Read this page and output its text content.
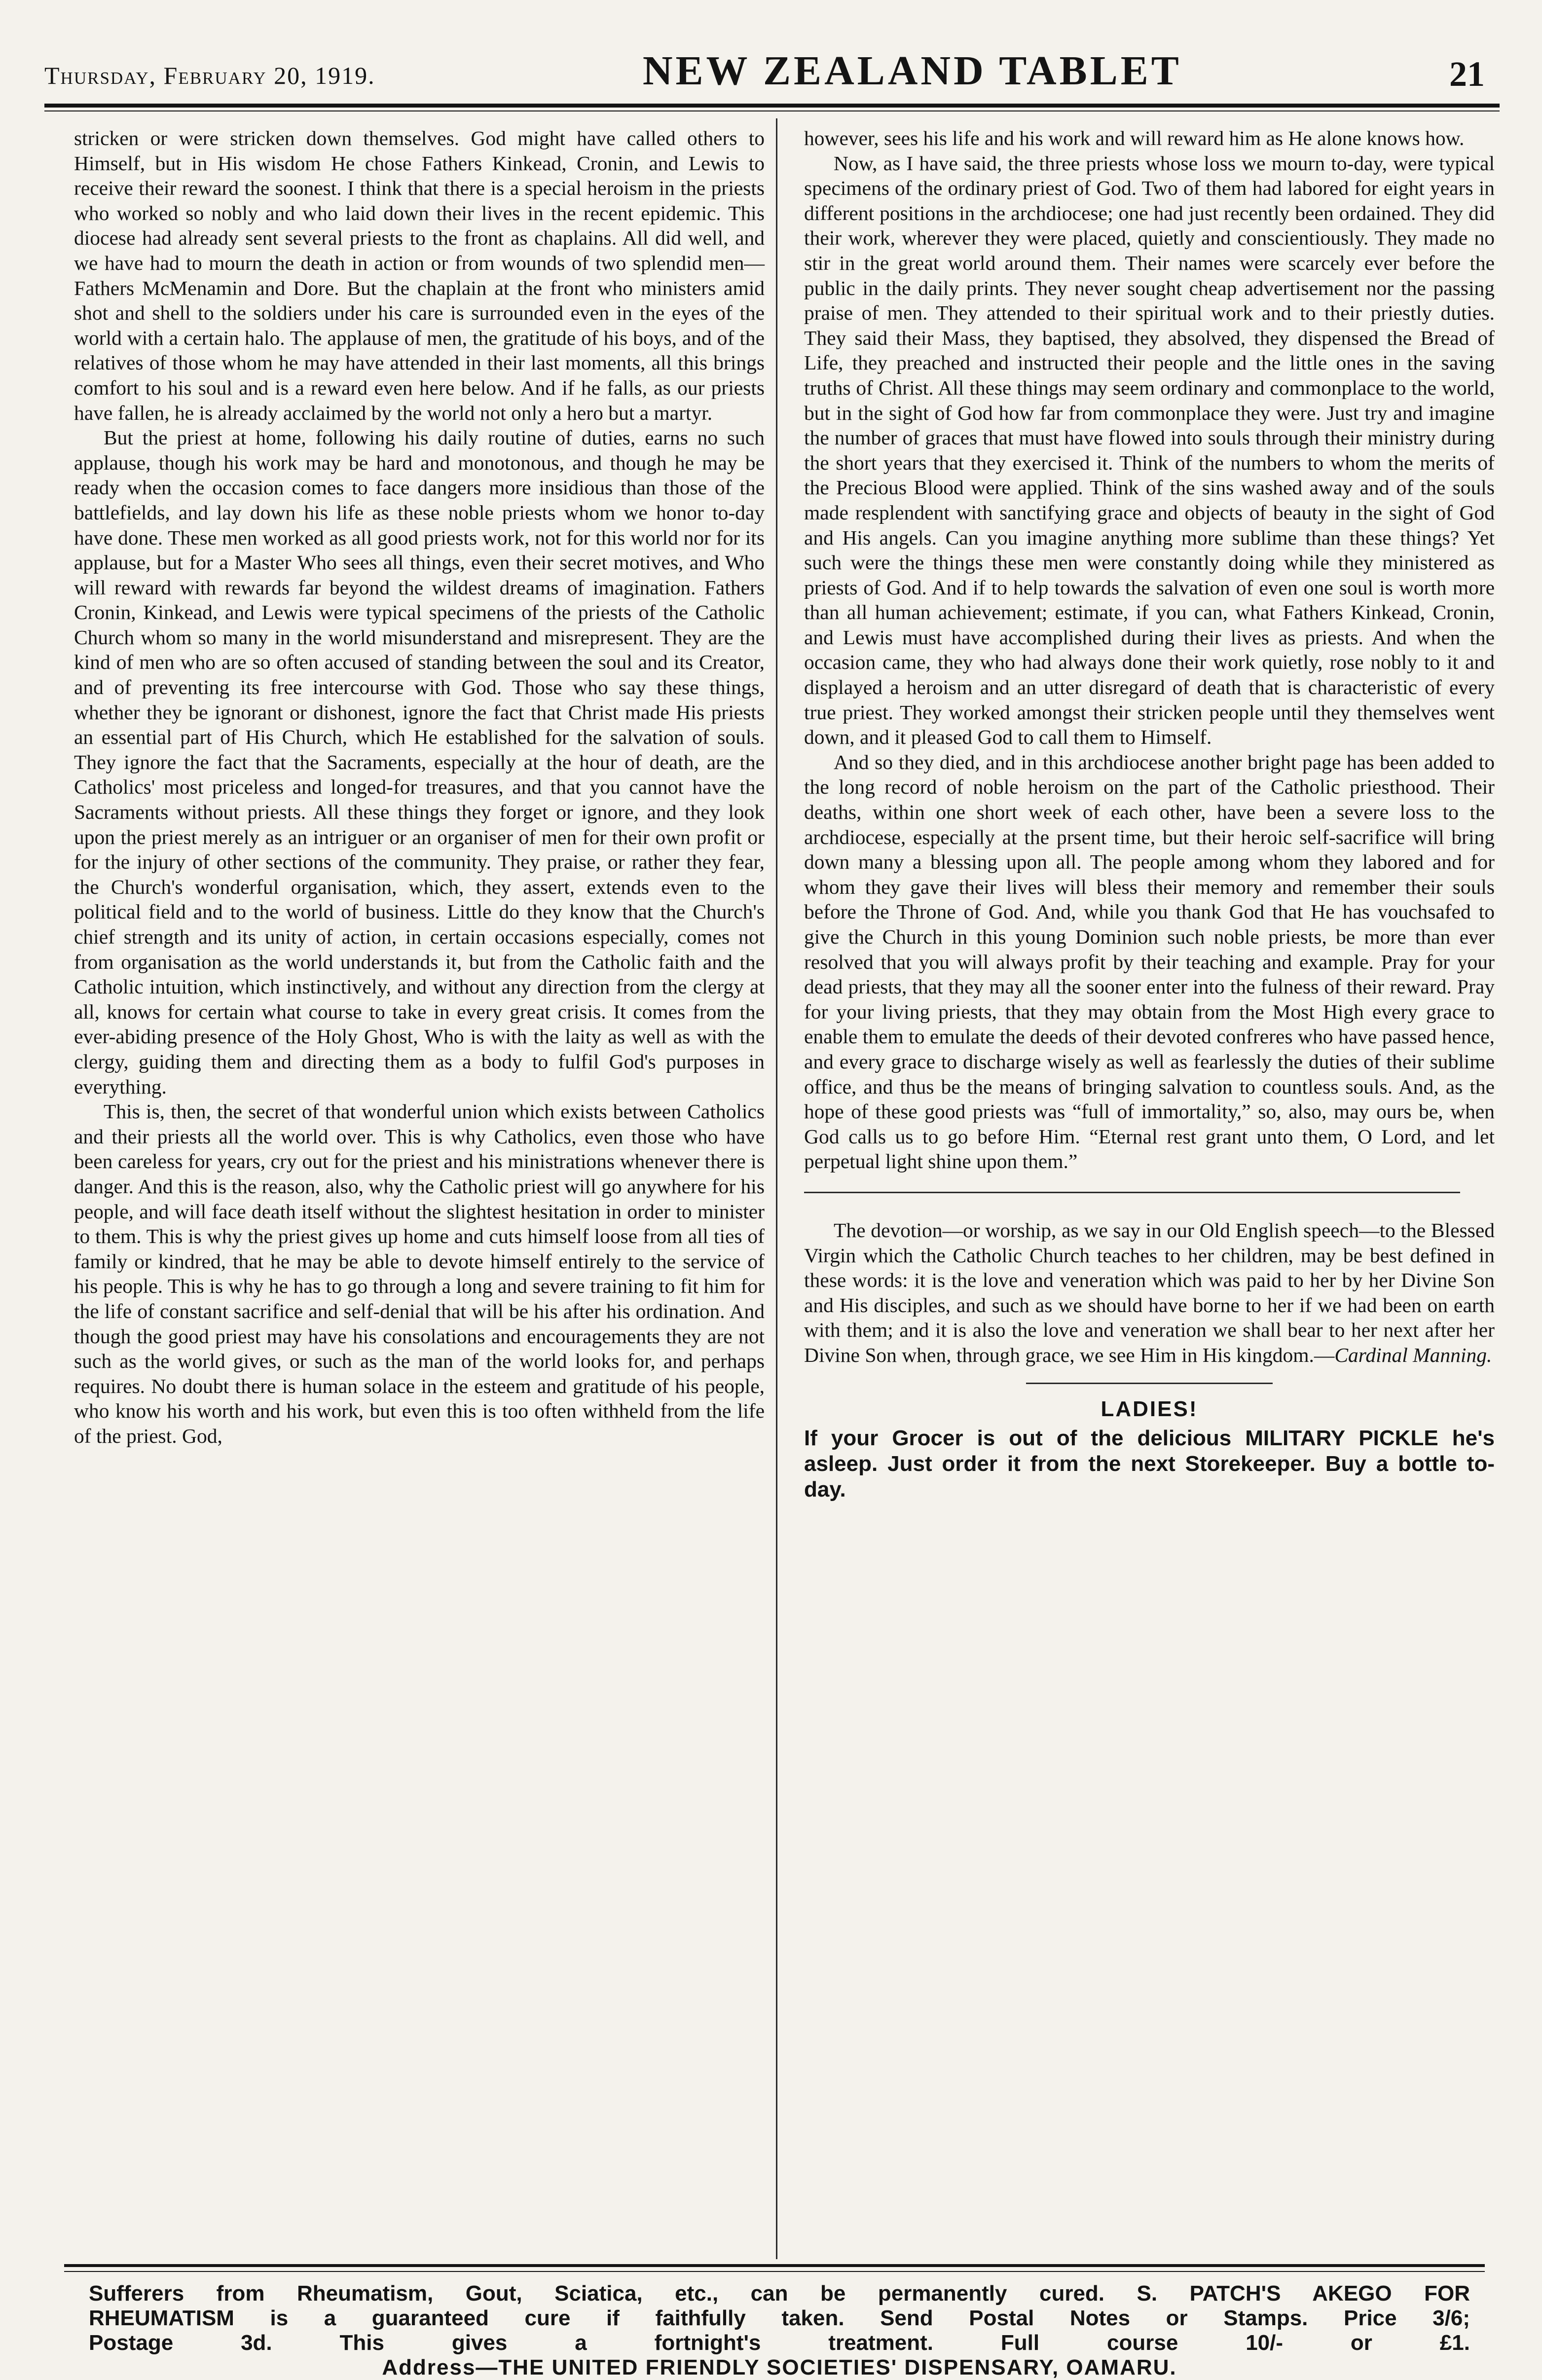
Thursday, February 20, 1919.	NEW ZEALAND TABLET	21

stricken or were stricken down themselves. God might have called others to Himself, but in His wisdom He chose Fathers Kinkead, Cronin, and Lewis to receive their reward the soonest. I think that there is a special heroism in the priests who worked so nobly and who laid down their lives in the recent epidemic. This diocese had already sent several priests to the front as chaplains. All did well, and we have had to mourn the death in action or from wounds of two splendid men—Fathers McMenamin and Dore. But the chaplain at the front who ministers amid shot and shell to the soldiers under his care is surrounded even in the eyes of the world with a certain halo. The applause of men, the gratitude of his boys, and of the relatives of those whom he may have attended in their last moments, all this brings comfort to his soul and is a reward even here below. And if he falls, as our priests have fallen, he is already acclaimed by the world not only a hero but a martyr.

But the priest at home, following his daily routine of duties, earns no such applause, though his work may be hard and monotonous, and though he may be ready when the occasion comes to face dangers more insidious than those of the battlefields, and lay down his life as these noble priests whom we honor to-day have done. These men worked as all good priests work, not for this world nor for its applause, but for a Master Who sees all things, even their secret motives, and Who will reward with rewards far beyond the wildest dreams of imagination. Fathers Cronin, Kinkead, and Lewis were typical specimens of the priests of the Catholic Church whom so many in the world misunderstand and misrepresent. They are the kind of men who are so often accused of standing between the soul and its Creator, and of preventing its free intercourse with God. Those who say these things, whether they be ignorant or dishonest, ignore the fact that Christ made His priests an essential part of His Church, which He established for the salvation of souls. They ignore the fact that the Sacraments, especially at the hour of death, are the Catholics' most priceless and longed-for treasures, and that you cannot have the Sacraments without priests. All these things they forget or ignore, and they look upon the priest merely as an intriguer or an organiser of men for their own profit or for the injury of other sections of the community. They praise, or rather they fear, the Church's wonderful organisation, which, they assert, extends even to the political field and to the world of business. Little do they know that the Church's chief strength and its unity of action, in certain occasions especially, comes not from organisation as the world understands it, but from the Catholic faith and the Catholic intuition, which instinctively, and without any direction from the clergy at all, knows for certain what course to take in every great crisis. It comes from the ever-abiding presence of the Holy Ghost, Who is with the laity as well as with the clergy, guiding them and directing them as a body to fulfil God's purposes in everything.

This is, then, the secret of that wonderful union which exists between Catholics and their priests all the world over. This is why Catholics, even those who have been careless for years, cry out for the priest and his ministrations whenever there is danger. And this is the reason, also, why the Catholic priest will go anywhere for his people, and will face death itself without the slightest hesitation in order to minister to them. This is why the priest gives up home and cuts himself loose from all ties of family or kindred, that he may be able to devote himself entirely to the service of his people. This is why he has to go through a long and severe training to fit him for the life of constant sacrifice and self-denial that will be his after his ordination. And though the good priest may have his consolations and encouragements they are not such as the world gives, or such as the man of the world looks for, and perhaps requires. No doubt there is human solace in the esteem and gratitude of his people, who know his worth and his work, but even this is too often withheld from the life of the priest. God,

however, sees his life and his work and will reward him as He alone knows how.

Now, as I have said, the three priests whose loss we mourn to-day, were typical specimens of the ordinary priest of God. Two of them had labored for eight years in different positions in the archdiocese; one had just recently been ordained. They did their work, wherever they were placed, quietly and conscientiously. They made no stir in the great world around them. Their names were scarcely ever before the public in the daily prints. They never sought cheap advertisement nor the passing praise of men. They attended to their spiritual work and to their priestly duties. They said their Mass, they baptised, they absolved, they dispensed the Bread of Life, they preached and instructed their people and the little ones in the saving truths of Christ. All these things may seem ordinary and commonplace to the world, but in the sight of God how far from commonplace they were. Just try and imagine the number of graces that must have flowed into souls through their ministry during the short years that they exercised it. Think of the numbers to whom the merits of the Precious Blood were applied. Think of the sins washed away and of the souls made resplendent with sanctifying grace and objects of beauty in the sight of God and His angels. Can you imagine anything more sublime than these things? Yet such were the things these men were constantly doing while they ministered as priests of God. And if to help towards the salvation of even one soul is worth more than all human achievement; estimate, if you can, what Fathers Kinkead, Cronin, and Lewis must have accomplished during their lives as priests. And when the occasion came, they who had always done their work quietly, rose nobly to it and displayed a heroism and an utter disregard of death that is characteristic of every true priest. They worked amongst their stricken people until they themselves went down, and it pleased God to call them to Himself.

And so they died, and in this archdiocese another bright page has been added to the long record of noble heroism on the part of the Catholic priesthood. Their deaths, within one short week of each other, have been a severe loss to the archdiocese, especially at the prsent time, but their heroic self-sacrifice will bring down many a blessing upon all. The people among whom they labored and for whom they gave their lives will bless their memory and remember their souls before the Throne of God. And, while you thank God that He has vouchsafed to give the Church in this young Dominion such noble priests, be more than ever resolved that you will always profit by their teaching and example. Pray for your dead priests, that they may all the sooner enter into the fulness of their reward. Pray for your living priests, that they may obtain from the Most High every grace to enable them to emulate the deeds of their devoted confreres who have passed hence, and every grace to discharge wisely as well as fearlessly the duties of their sublime office, and thus be the means of bringing salvation to countless souls. And, as the hope of these good priests was “full of immortality,” so, also, may ours be, when God calls us to go before Him. “Eternal rest grant unto them, O Lord, and let perpetual light shine upon them.”

The devotion—or worship, as we say in our Old English speech—to the Blessed Virgin which the Catholic Church teaches to her children, may be best defined in these words: it is the love and veneration which was paid to her by her Divine Son and His disciples, and such as we should have borne to her if we had been on earth with them; and it is also the love and veneration we shall bear to her next after her Divine Son when, through grace, we see Him in His kingdom.—Cardinal Manning.

LADIES!

If your Grocer is out of the delicious MILITARY PICKLE he's asleep. Just order it from the next Storekeeper. Buy a bottle to-day.

Sufferers from Rheumatism, Gout, Sciatica, etc., can be permanently cured. S. PATCH'S AKEGO FOR
RHEUMATISM is a guaranteed cure if faithfully taken. Send Postal Notes or Stamps. Price 3/6;
Postage 3d. This gives a fortnight's treatment. Full course 10/- or £1.
Address—THE UNITED FRIENDLY SOCIETIES' DISPENSARY, OAMARU.
